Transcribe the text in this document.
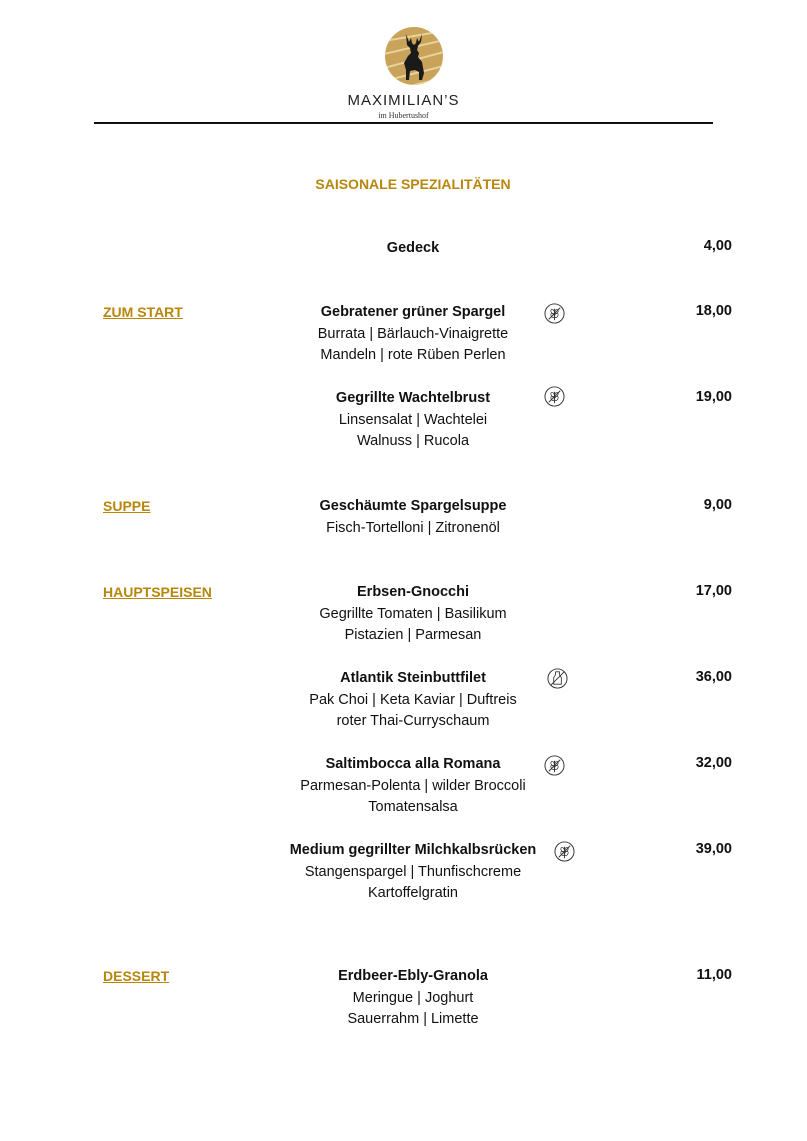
MAXIMILIAN’S
im Hubertushof
SAISONALE SPEZIALITÄTEN
Gedeck	4,00
ZUM START
SUPPE
HAUPTSPEISEN
DESSERT
Gebratener grüner Spargel
Burrata | Bärlauch-Vinaigrette
Mandeln | rote Rüben Perlen
18,00
Gegrillte Wachtelbrust
Linsensalat | Wachtelei
Walnuss | Rucola
19,00
Geschäumte Spargelsuppe
Fisch-Tortelloni | Zitronenöl
9,00
Erbsen-Gnocchi
Gegrillte Tomaten | Basilikum
Pistazien | Parmesan
17,00
Atlantik Steinbuttfilet
Pak Choi | Keta Kaviar | Duftreis
roter Thai-Curryschaum
36,00
Saltimbocca alla Romana
Parmesan-Polenta | wilder Broccoli
Tomatensalsa
32,00
Medium gegrillter Milchkalbsrücken
Stangenspargel | Thunfischcreme
Kartoffelgratin
39,00
Erdbeer-Ebly-Granola
Meringue | Joghurt
Sauerrahm | Limette
11,00
